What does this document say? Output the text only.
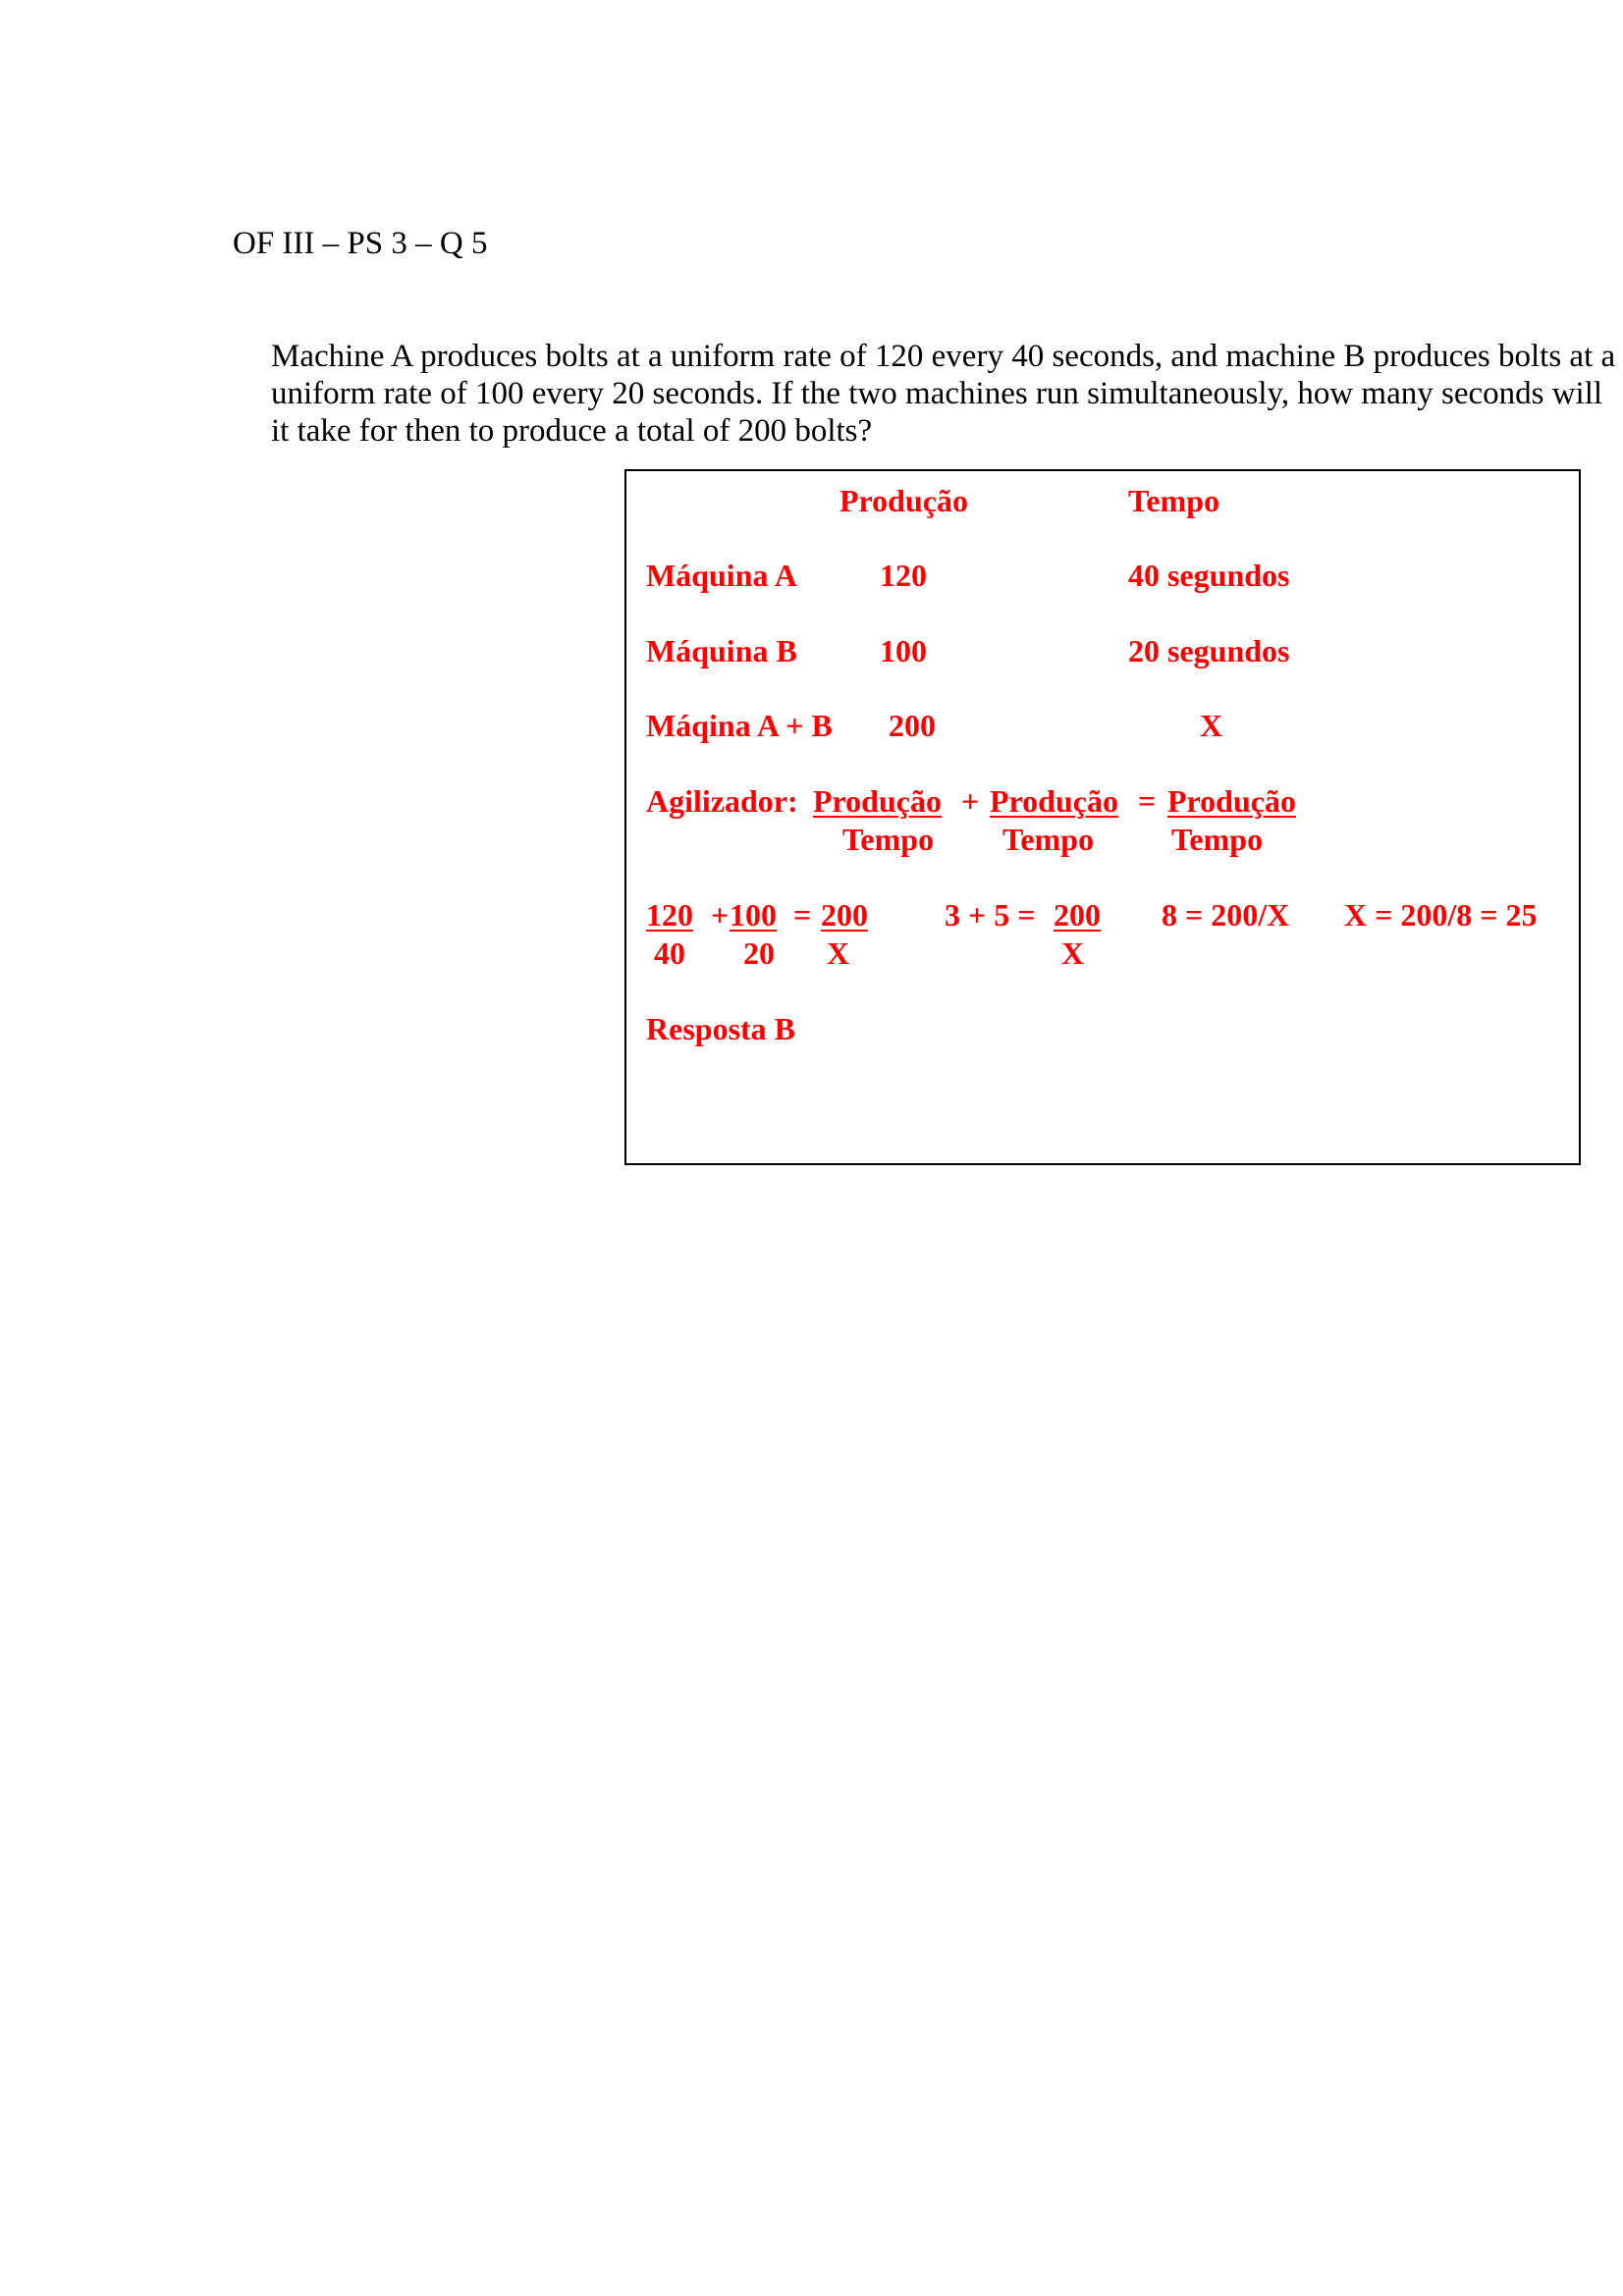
OF III – PS 3 – Q 5
Machine A produces bolts at a uniform rate of 120 every 40 seconds, and machine B produces bolts at a
uniform rate of 100 every 20 seconds. If the two machines run simultaneously, how many seconds will
it take for then to produce a total of 200 bolts?
Produção	Tempo
Máquina A	120	40 segundos
Máquina B	100	20 segundos
Máqina A + B 200	X
Agilizador: Produção + Produção = Produção
Tempo Tempo Tempo
120 + 100 = 200
40 20 X
3 + 5 = 200
X
8 = 200/X X = 200/8 = 25
Resposta B
